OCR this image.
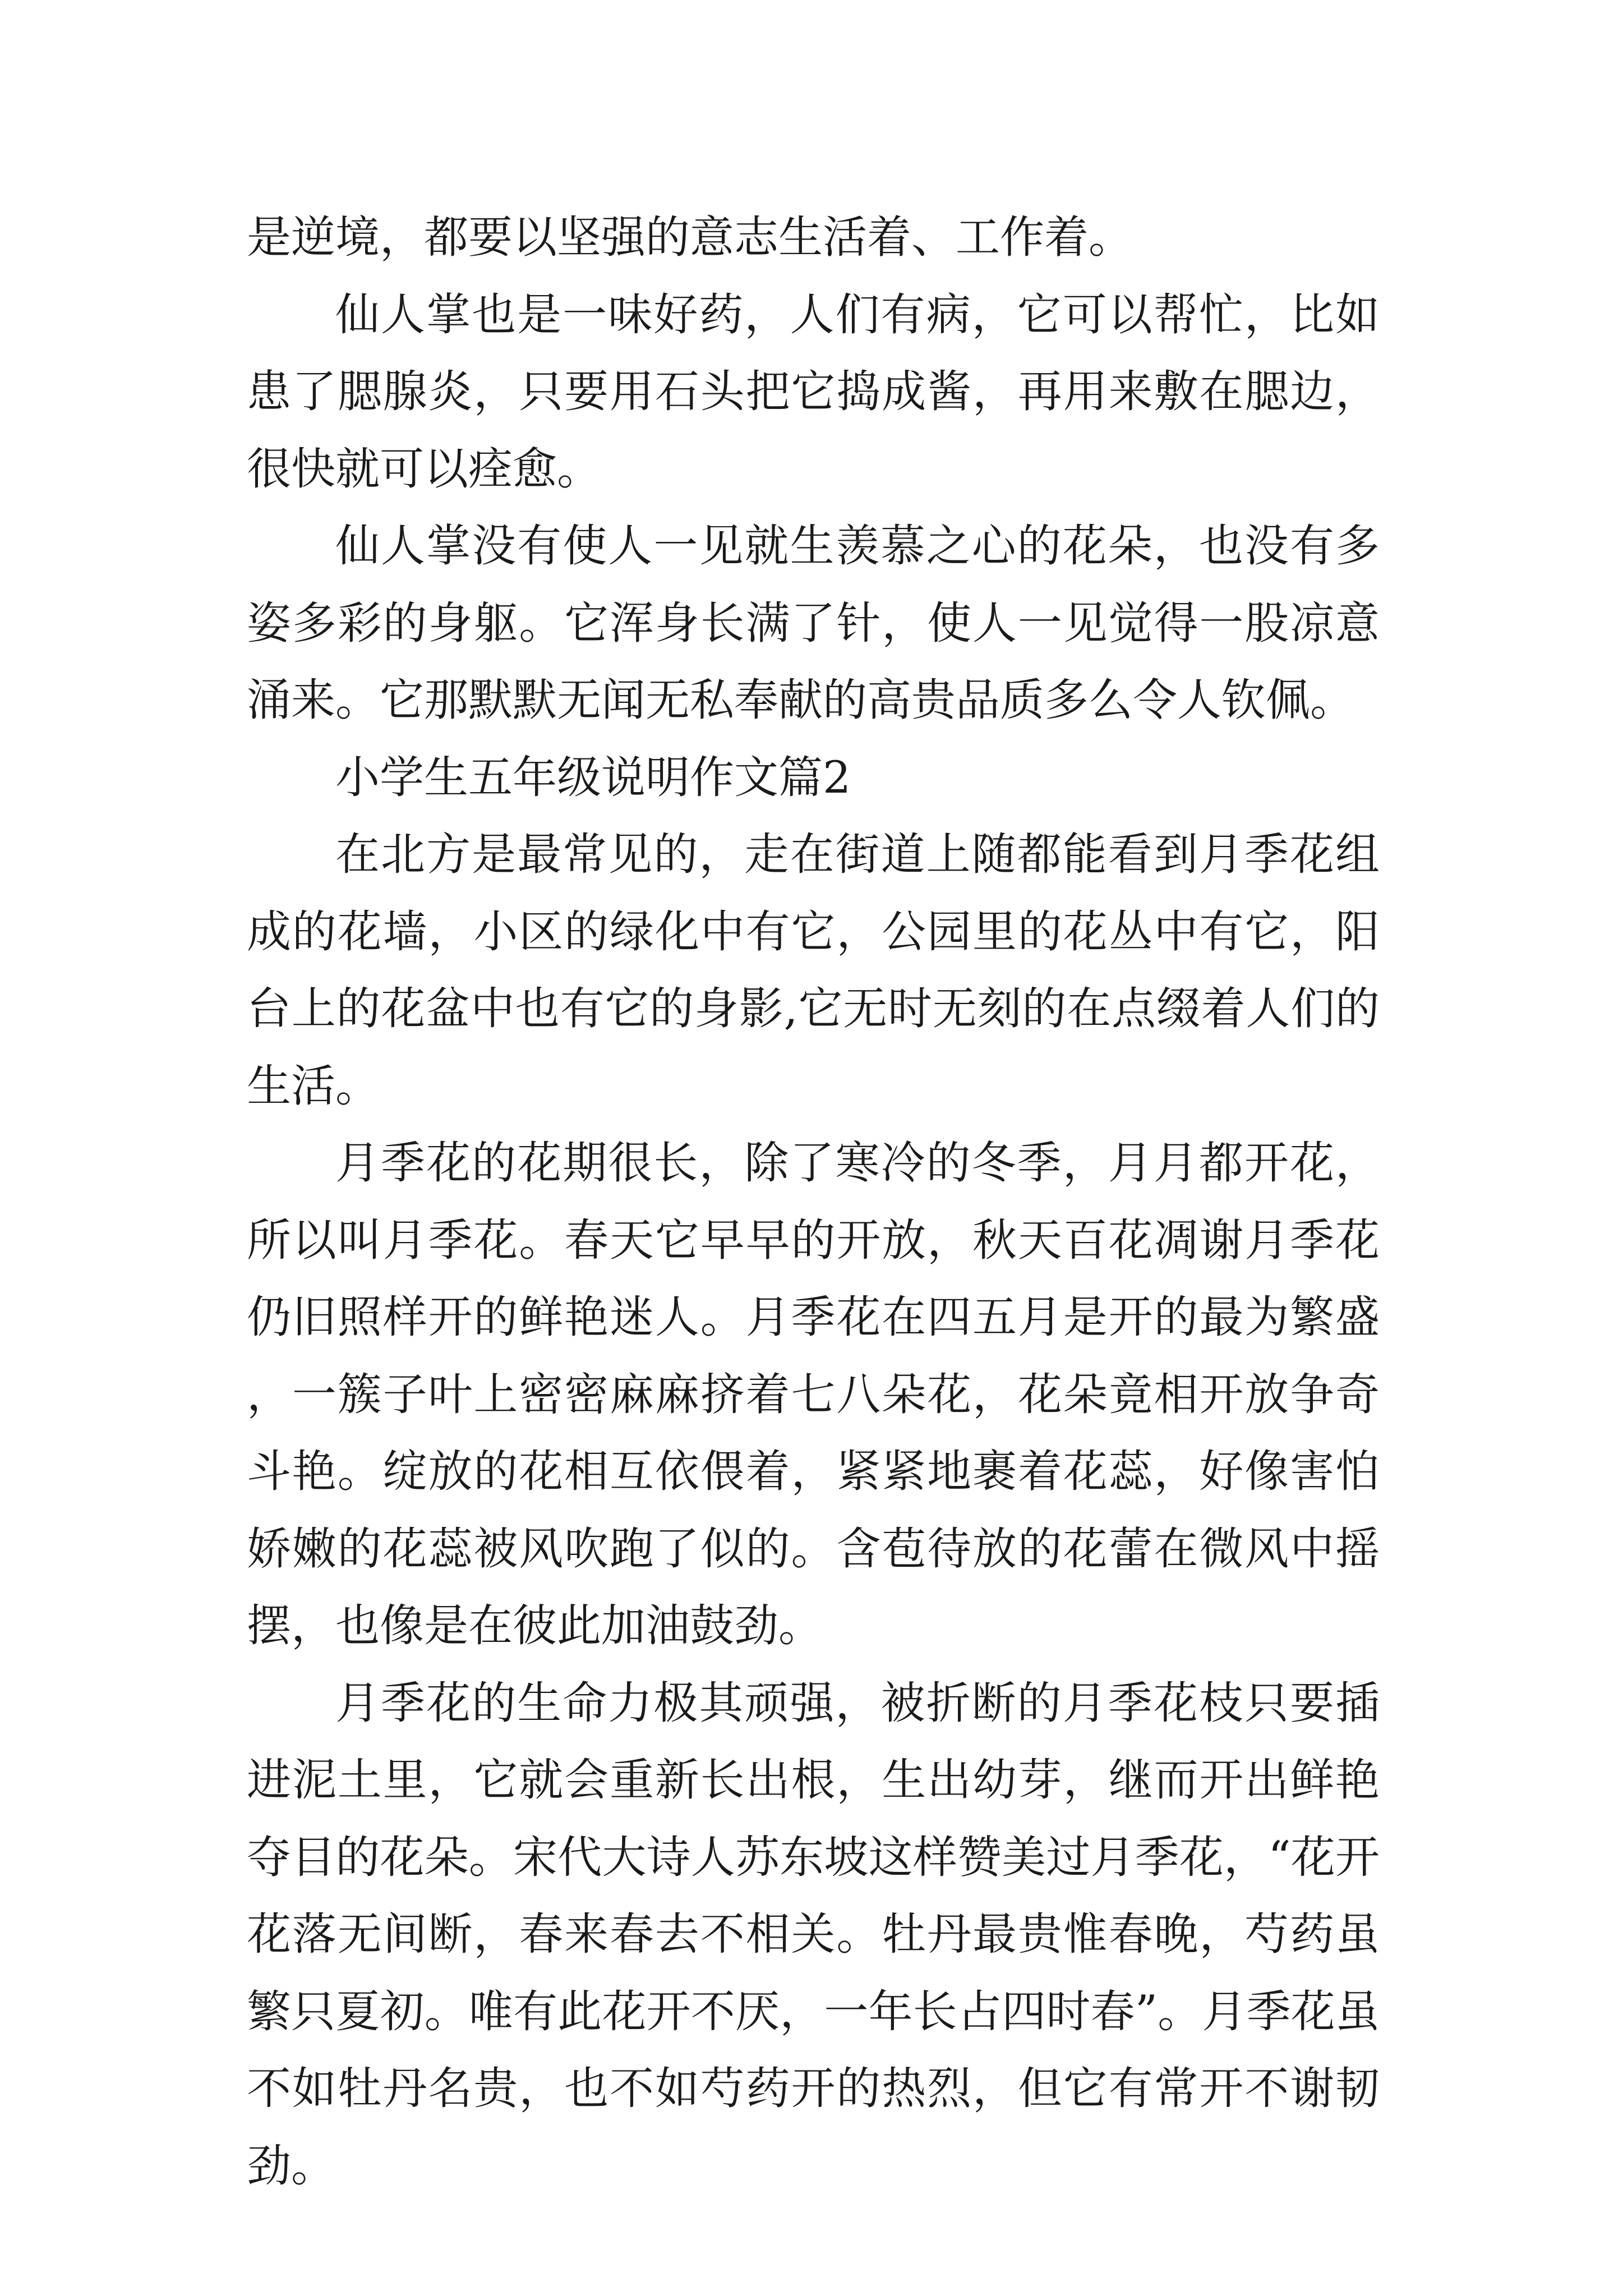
是逆境，都要以坚强的意志生活着、工作着。

仙人掌也是一味好药，人们有病，它可以帮忙，比如患了腮腺炎，只要用石头把它捣成酱，再用来敷在腮边，很快就可以痊愈。

仙人掌没有使人一见就生羡慕之心的花朵，也没有多姿多彩的身躯。它浑身长满了针，使人一见觉得一股凉意涌来。它那默默无闻无私奉献的高贵品质多么令人钦佩。

小学生五年级说明作文篇2

在北方是最常见的，走在街道上随都能看到月季花组成的花墙，小区的绿化中有它，公园里的花丛中有它，阳台上的花盆中也有它的身影,它无时无刻的在点缀着人们的生活。

月季花的花期很长，除了寒冷的冬季，月月都开花，所以叫月季花。春天它早早的开放，秋天百花凋谢月季花仍旧照样开的鲜艳迷人。月季花在四五月是开的最为繁盛，一簇子叶上密密麻麻挤着七八朵花，花朵竟相开放争奇斗艳。绽放的花相互依偎着，紧紧地裹着花蕊，好像害怕娇嫩的花蕊被风吹跑了似的。含苞待放的花蕾在微风中摇摆，也像是在彼此加油鼓劲。

月季花的生命力极其顽强，被折断的月季花枝只要插进泥土里，它就会重新长出根，生出幼芽，继而开出鲜艳夺目的花朵。宋代大诗人苏东坡这样赞美过月季花，“花开花落无间断，春来春去不相关。牡丹最贵惟春晚，芍药虽繁只夏初。唯有此花开不厌，一年长占四时春”。月季花虽不如牡丹名贵，也不如芍药开的热烈，但它有常开不谢韧劲。
